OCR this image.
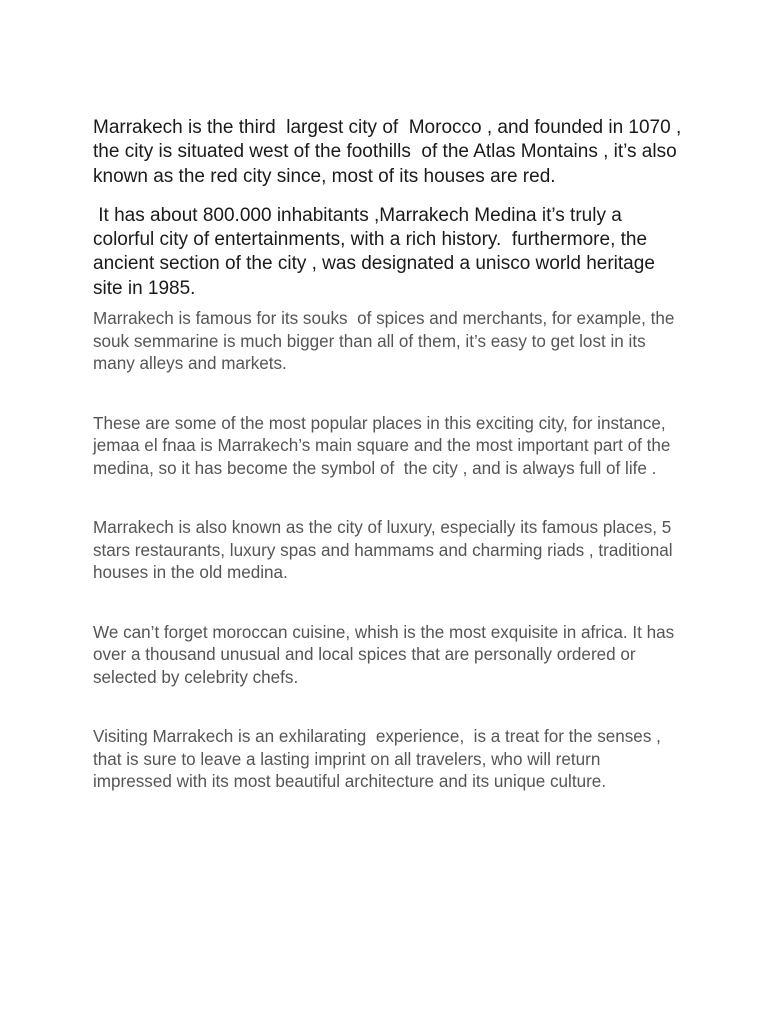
Marrakech is the third  largest city of  Morocco , and founded in 1070 , the city is situated west of the foothills  of the Atlas Montains , it’s also known as the red city since, most of its houses are red.

It has about 800.000 inhabitants ,Marrakech Medina it’s truly a colorful city of entertainments, with a rich history.  furthermore, the ancient section of the city , was designated a unisco world heritage site in 1985.

Marrakech is famous for its souks  of spices and merchants, for example, the souk semmarine is much bigger than all of them, it’s easy to get lost in its many alleys and markets.

These are some of the most popular places in this exciting city, for instance, jemaa el fnaa is Marrakech’s main square and the most important part of the medina, so it has become the symbol of  the city , and is always full of life .

Marrakech is also known as the city of luxury, especially its famous places, 5 stars restaurants, luxury spas and hammams and charming riads , traditional houses in the old medina.

We can’t forget moroccan cuisine, whish is the most exquisite in africa. It has over a thousand unusual and local spices that are personally ordered or selected by celebrity chefs.

Visiting Marrakech is an exhilarating  experience,  is a treat for the senses , that is sure to leave a lasting imprint on all travelers, who will return impressed with its most beautiful architecture and its unique culture.
